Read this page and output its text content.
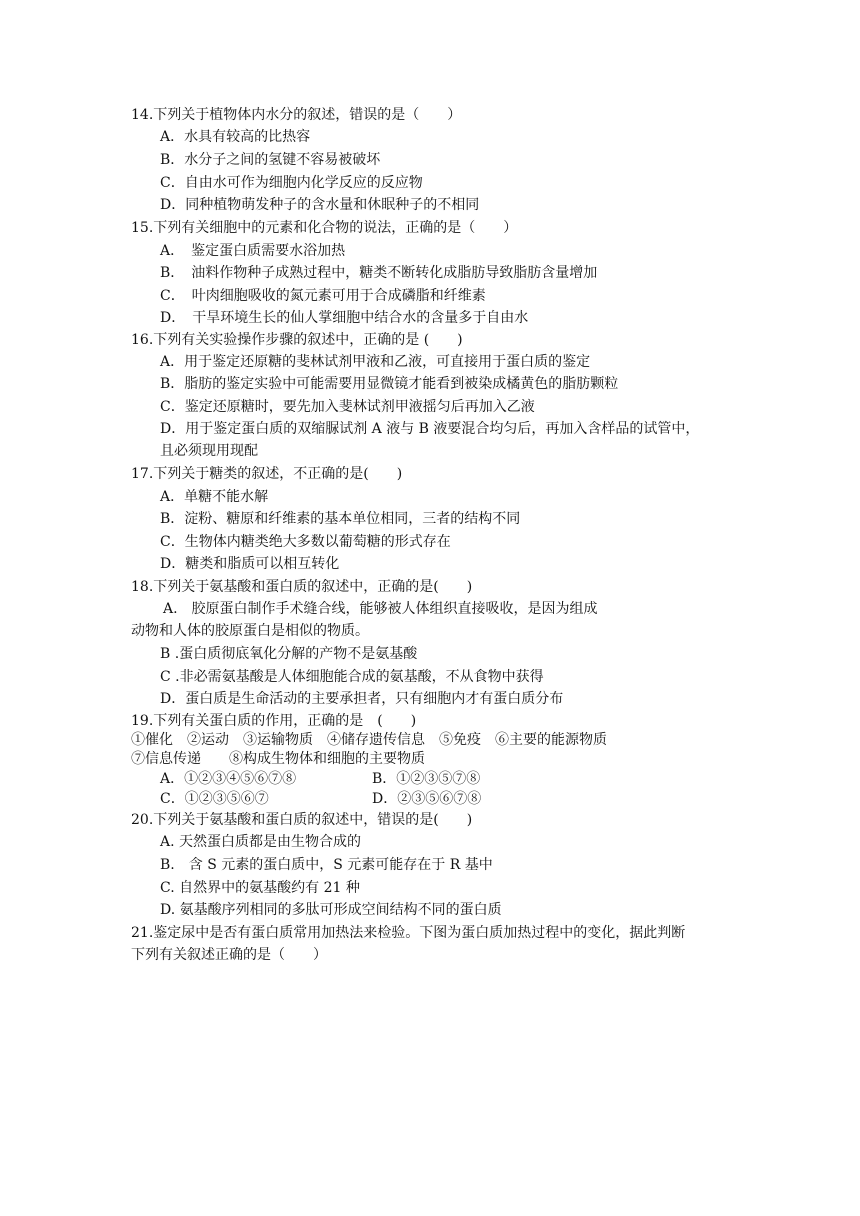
14.下列关于植物体内水分的叙述，错误的是（　　）
A．水具有较高的比热容
B．水分子之间的氢键不容易被破坏
C．自由水可作为细胞内化学反应的反应物
D．同种植物萌发种子的含水量和休眠种子的不相同
15.下列有关细胞中的元素和化合物的说法，正确的是（　　）
A．　鉴定蛋白质需要水浴加热
B．　油料作物种子成熟过程中，糖类不断转化成脂肪导致脂肪含量增加
C．　叶肉细胞吸收的氮元素可用于合成磷脂和纤维素
D．　干旱环境生长的仙人掌细胞中结合水的含量多于自由水
16.下列有关实验操作步骤的叙述中，正确的是 (　　)
A．用于鉴定还原糖的斐林试剂甲液和乙液，可直接用于蛋白质的鉴定
B．脂肪的鉴定实验中可能需要用显微镜才能看到被染成橘黄色的脂肪颗粒
C．鉴定还原糖时，要先加入斐林试剂甲液摇匀后再加入乙液
D．用于鉴定蛋白质的双缩脲试剂 A 液与 B 液要混合均匀后，再加入含样品的试管中，
且必须现用现配
17.下列关于糖类的叙述，不正确的是(　　)
A．单糖不能水解
B．淀粉、糖原和纤维素的基本单位相同，三者的结构不同
C．生物体内糖类绝大多数以葡萄糖的形式存在
D．糖类和脂质可以相互转化
18.下列关于氨基酸和蛋白质的叙述中，正确的是(　　)
A.　胶原蛋白制作手术缝合线，能够被人体组织直接吸收，是因为组成
动物和人体的胶原蛋白是相似的物质。
B .蛋白质彻底氧化分解的产物不是氨基酸
C .非必需氨基酸是人体细胞能合成的氨基酸，不从食物中获得
D．蛋白质是生命活动的主要承担者，只有细胞内才有蛋白质分布
19.下列有关蛋白质的作用，正确的是　(　　)
①催化　②运动　③运输物质　④储存遗传信息　⑤免疫　⑥主要的能源物质
⑦信息传递　　⑧构成生物体和细胞的主要物质
A．①②③④⑤⑥⑦⑧	B．①②③⑤⑦⑧
C．①②③⑤⑥⑦	D．②③⑤⑥⑦⑧
20.下列关于氨基酸和蛋白质的叙述中，错误的是(　　)
A. 天然蛋白质都是由生物合成的
B.　含 S 元素的蛋白质中，S 元素可能存在于 R 基中
C. 自然界中的氨基酸约有 21 种
D. 氨基酸序列相同的多肽可形成空间结构不同的蛋白质
21.鉴定尿中是否有蛋白质常用加热法来检验。下图为蛋白质加热过程中的变化，据此判断
下列有关叙述正确的是（　　）
